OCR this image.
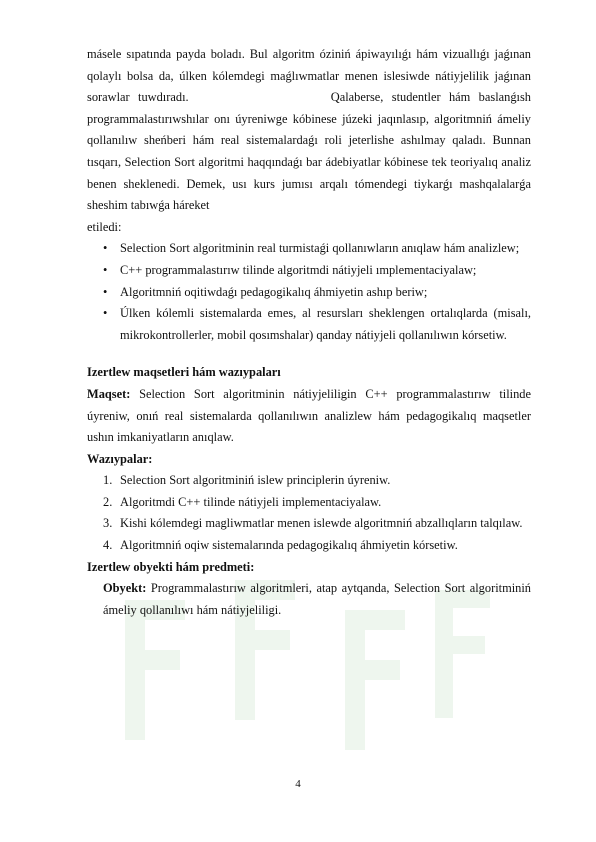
másele sıpatında payda boladı. Bul algoritm óziniń ápiwayılıǵı hám vizuallıǵı jaǵınan qolaylı bolsa da, úlken kólemdegi maǵlıwmatlar menen islesiwde nátiyjelilik jaǵınan sorawlar tuwdıradı.                 Qalaberse, studentler hám baslanǵısh programmalastırıwshılar onı úyreniwge kóbinese júzeki jaqınlasıp, algoritmniń ámeliy qollanılıw sheńberi hám real sistemalardaǵı roli jeterlishe ashılmay qaladı. Bunnan tısqarı, Selection Sort algoritmi haqqındaǵı bar ádebiyatlar kóbinese tek teoriyalıq analiz benen sheklenedi. Demek, usı kurs jumısı arqalı tómendegi tiykarǵı mashqalalarǵa sheshim tabıwǵa háreket

etiledi:

• Selection Sort algoritminin real turmistaǵi qollanıwların anıqlaw hám analizlew;
• C++ programmalastırıw tilinde algoritmdi nátiyjeli ımplementaciyalaw;
• Algoritmniń oqitiwdaǵı pedagogikalıq áhmiyetin ashıp beriw;
• Úlken kólemli sistemalarda emes, al resursları sheklengen ortalıqlarda (misalı, mikrokontrollerler, mobil qosımshalar) qanday nátiyjeli qollanılıwın kórsetiw.
Izertlew maqsetleri hám wazıypaları

Maqset: Selection Sort algoritminin nátiyjeliligin C++ programmalastırıw tilinde úyreniw, onıń real sistemalarda qollanılıwın analizlew hám pedagogikalıq maqsetler ushın imkaniyatların anıqlaw.

Wazıypalar:

1. Selection Sort algoritminiń islew principlerin úyreniw.
2. Algoritmdi C++ tilinde nátiyjeli implementaciyalaw.
3. Kishi kólemdegi magliwmatlar menen islewde algoritmniń abzallıqların talqılaw.
4. Algoritmniń oqiw sistemalarında pedagogikalıq áhmiyetin kórsetiw.
Izertlew obyekti hám predmeti:

Obyekt: Programmalastırıw algoritmleri, atap aytqanda, Selection Sort algoritminiń ámeliy qollanılıwı hám nátiyjeliligi.

4
